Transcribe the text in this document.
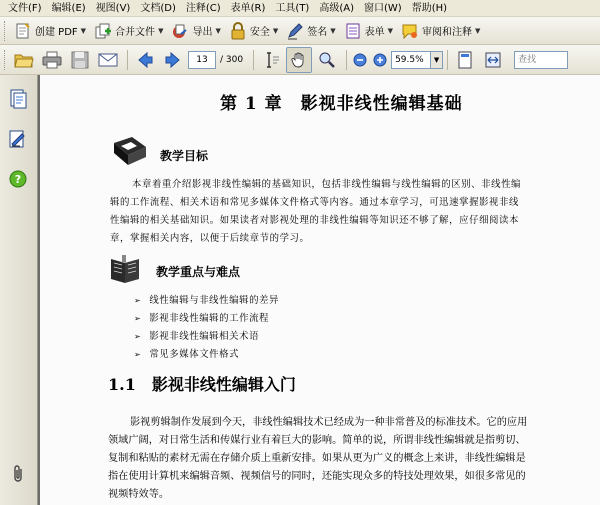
文件(F)	编辑(E)	视图(V)	文档(D)	注释(C)	表单(R)	工具(T)	高级(A)	窗口(W)	帮助(H)
创建 PDF ▼	合并文件 ▼	导出 ▼	安全 ▼	签名 ▼	表单 ▼	审阅和注释 ▼
13	/ 300	59.5%	▼	查找
?
第 1 章　影视非线性编辑基础
教学目标
本章着重介绍影视非线性编辑的基础知识，包括非线性编辑与线性编辑的区别、非线性编
辑的工作流程、相关术语和常见多媒体文件格式等内容。通过本章学习，可迅速掌握影视非线
性编辑的相关基础知识。如果读者对影视处理的非线性编辑等知识还不够了解，应仔细阅读本
章，掌握相关内容，以便于后续章节的学习。
教学重点与难点
➢ 线性编辑与非线性编辑的差异
➢ 影视非线性编辑的工作流程
➢ 影视非线性编辑相关术语
➢ 常见多媒体文件格式
1.1 影视非线性编辑入门
影视剪辑制作发展到今天，非线性编辑技术已经成为一种非常普及的标准技术。它的应用
领域广阔，对日常生活和传媒行业有着巨大的影响。简单的说，所谓非线性编辑就是指剪切、
复制和粘贴的素材无需在存储介质上重新安排。如果从更为广义的概念上来讲，非线性编辑是
指在使用计算机来编辑音频、视频信号的同时，还能实现众多的特技处理效果，如很多常见的
视频特效等。
